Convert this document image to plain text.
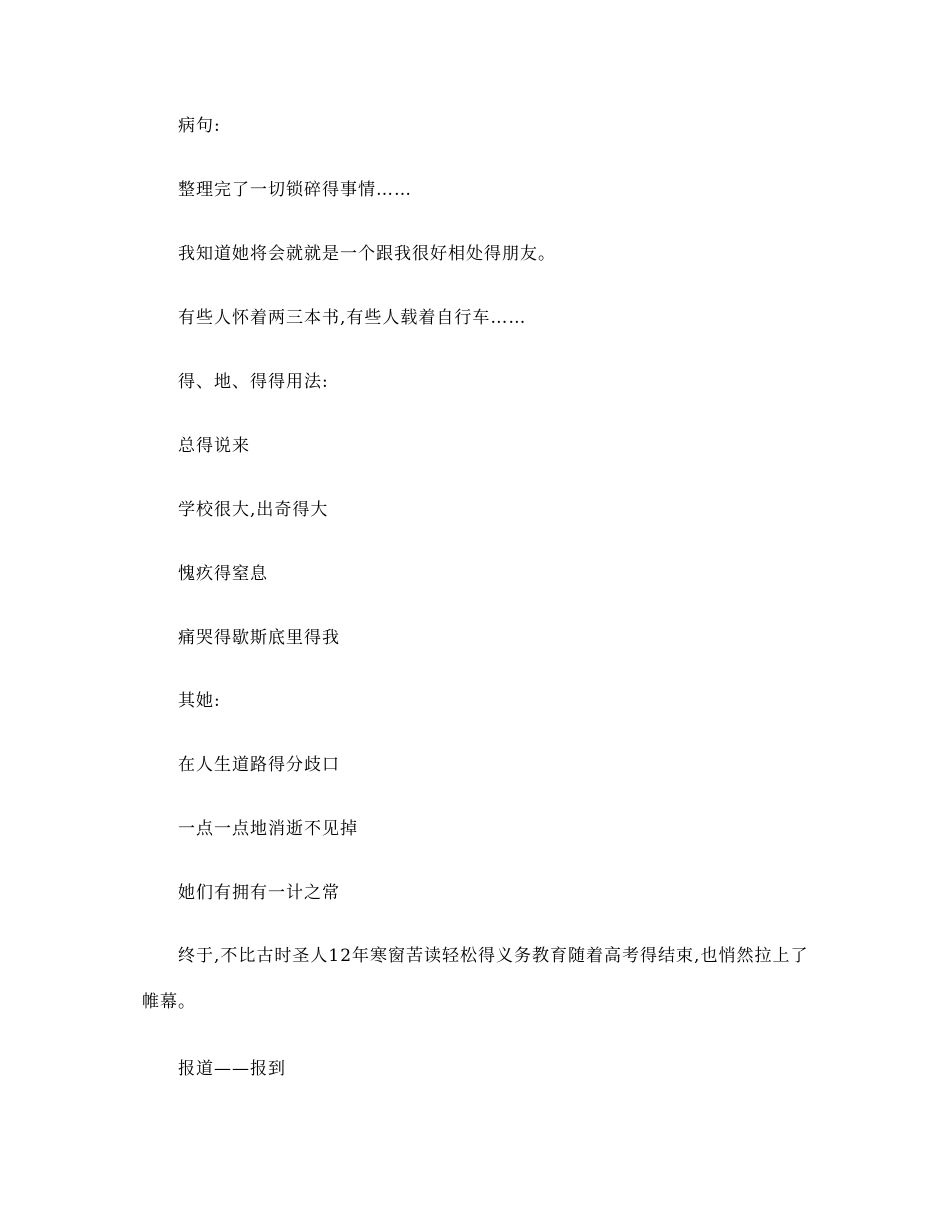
病句:
整理完了一切锁碎得事情……
我知道她将会就就是一个跟我很好相处得朋友。
有些人怀着两三本书,有些人载着自行车……
得、地、得得用法:
总得说来
学校很大,出奇得大
愧疚得窒息
痛哭得歇斯底里得我
其她:
在人生道路得分歧口
一点一点地消逝不见掉
她们有拥有一计之常
终于,不比古时圣人12年寒窗苦读轻松得义务教育随着高考得结束,也悄然拉上了帷幕。
报道——报到
